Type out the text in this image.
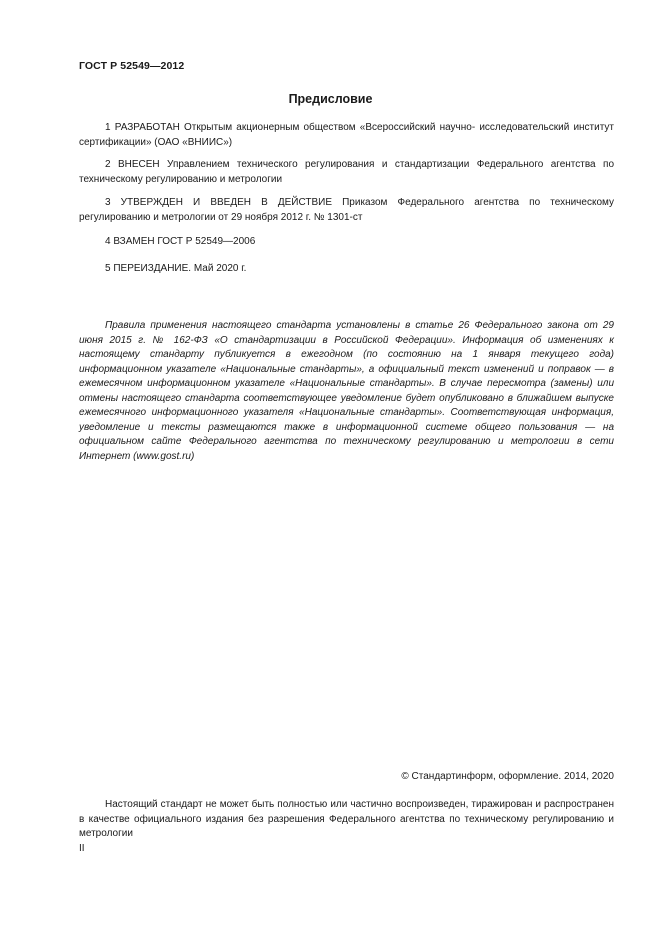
ГОСТ Р 52549—2012
Предисловие

1 РАЗРАБОТАН Открытым акционерным обществом «Всероссийский научно- исследовательский институт сертификации» (ОАО «ВНИИС»)

2 ВНЕСЕН Управлением технического регулирования и стандартизации Федерального агентства по техническому регулированию и метрологии

3 УТВЕРЖДЕН И ВВЕДЕН В ДЕЙСТВИЕ Приказом Федерального агентства по техническому регулированию и метрологии от 29 ноября 2012 г. № 1301-ст

4 ВЗАМЕН ГОСТ Р 52549—2006

5 ПЕРЕИЗДАНИЕ. Май 2020 г.

Правила применения настоящего стандарта установлены в статье 26 Федерального закона от 29 июня 2015 г. № 162-ФЗ «О стандартизации в Российской Федерации». Информация об изменениях к настоящему стандарту публикуется в ежегодном (по состоянию на 1 января текущего года) информационном указателе «Национальные стандарты», а официальный текст изменений и поправок — в ежемесячном информационном указателе «Национальные стандарты». В случае пересмотра (замены) или отмены настоящего стандарта соответствующее уведомление будет опубликовано в ближайшем выпуске ежемесячного информационного указателя «Национальные стандарты». Соответствующая информация, уведомление и тексты размещаются также в информационной системе общего пользования — на официальном сайте Федерального агентства по техническому регулированию и метрологии в сети Интернет (www.gost.ru)

© Стандартинформ, оформление. 2014, 2020

Настоящий стандарт не может быть полностью или частично воспроизведен, тиражирован и распространен в качестве официального издания без разрешения Федерального агентства по техническому регулированию и метрологии

II
